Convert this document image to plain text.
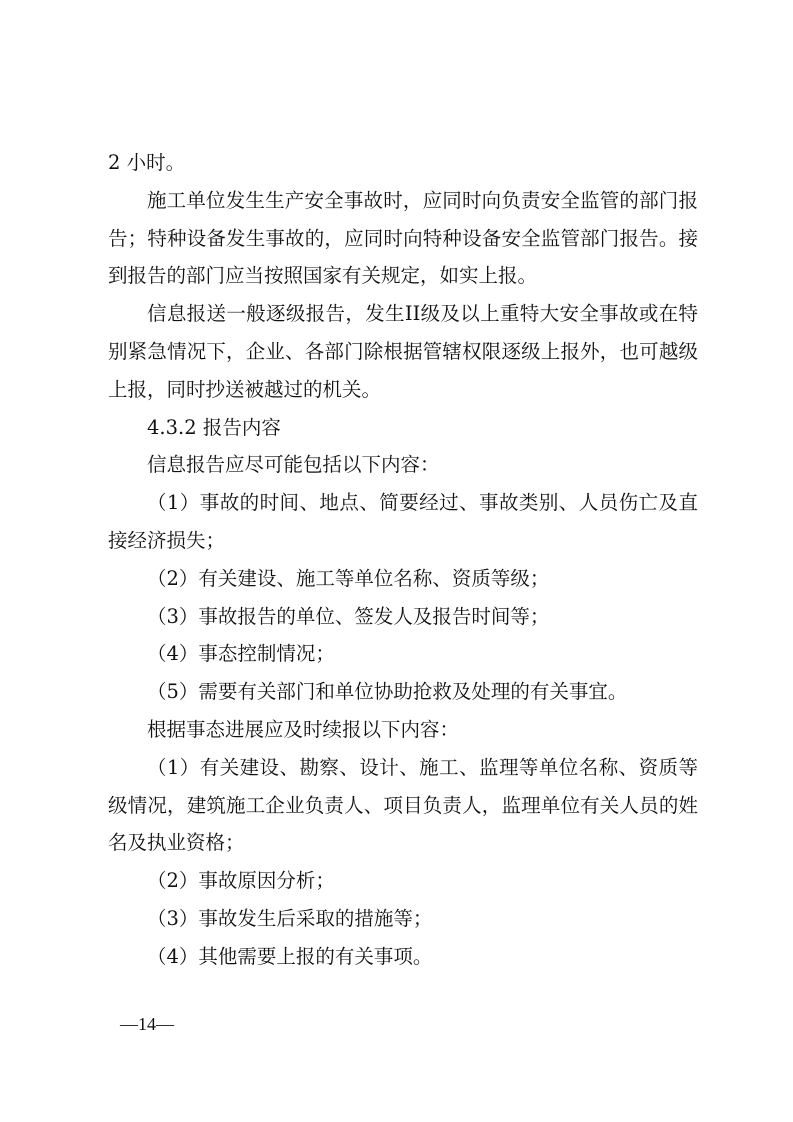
2 小时。

施工单位发生生产安全事故时，应同时向负责安全监管的部门报告；特种设备发生事故的，应同时向特种设备安全监管部门报告。接到报告的部门应当按照国家有关规定，如实上报。

信息报送一般逐级报告，发生II级及以上重特大安全事故或在特别紧急情况下，企业、各部门除根据管辖权限逐级上报外，也可越级上报，同时抄送被越过的机关。

4.3.2 报告内容

信息报告应尽可能包括以下内容：

（1）事故的时间、地点、简要经过、事故类别、人员伤亡及直接经济损失；

（2）有关建设、施工等单位名称、资质等级；

（3）事故报告的单位、签发人及报告时间等；

（4）事态控制情况；

（5）需要有关部门和单位协助抢救及处理的有关事宜。

根据事态进展应及时续报以下内容：

（1）有关建设、勘察、设计、施工、监理等单位名称、资质等级情况，建筑施工企业负责人、项目负责人，监理单位有关人员的姓名及执业资格；

（2）事故原因分析；

（3）事故发生后采取的措施等；

（4）其他需要上报的有关事项。

—14—
